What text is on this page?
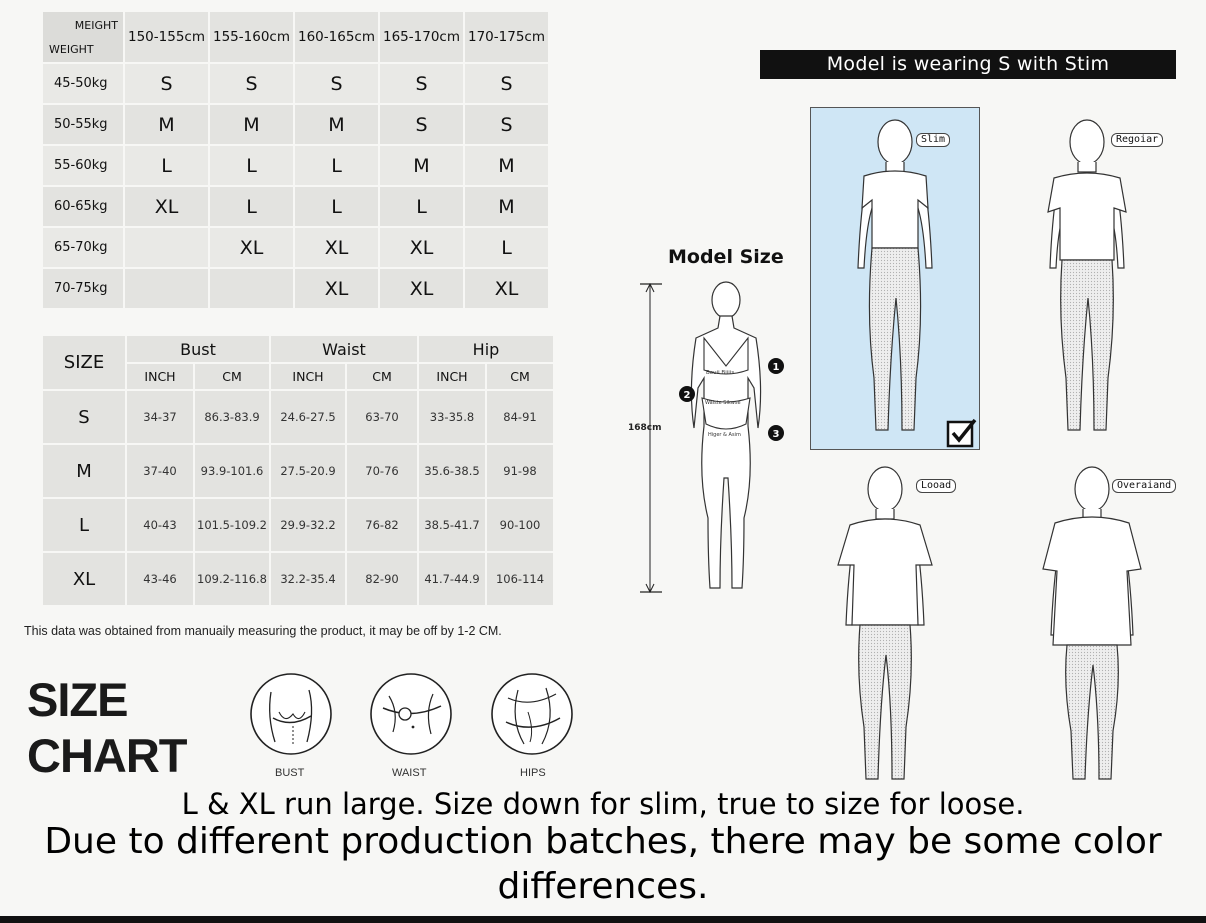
MEIGHT
WEIGHT	150-155cm	155-160cm	160-165cm	165-170cm	170-175cm
45-50kg	S	S	S	S	S
50-55kg	M	M	M	S	S
55-60kg	L	L	L	M	M
60-65kg	XL	L	L	L	M
65-70kg		XL	XL	XL	L
70-75kg			XL	XL	XL
SIZE	Bust		Waist		Hip	
	INCH	CM	INCH	CM	INCH	CM
S	34-37	86.3-83.9	24.6-27.5	63-70	33-35.8	84-91
M	37-40	93.9-101.6	27.5-20.9	70-76	35.6-38.5	91-98
L	40-43	101.5-109.2	29.9-32.2	76-82	38.5-41.7	90-100
XL	43-46	109.2-116.8	32.2-35.4	82-90	41.7-44.9	106-114
This data was obtained from manuaily measuring the product, it may be off by 1-2 CM.
SIZE
CHART	BUST	WAIST	HIPS
Model is wearing S with Stim
Model Size
Bouii Biiiis
Waiste Sikwse
Higer & Asim
168cm
1
2
3
Slim	Regoiar
Looad	Overaiand
L & XL run large. Size down for slim, true to size for loose.
Due to different production batches, there may be some color
differences.
